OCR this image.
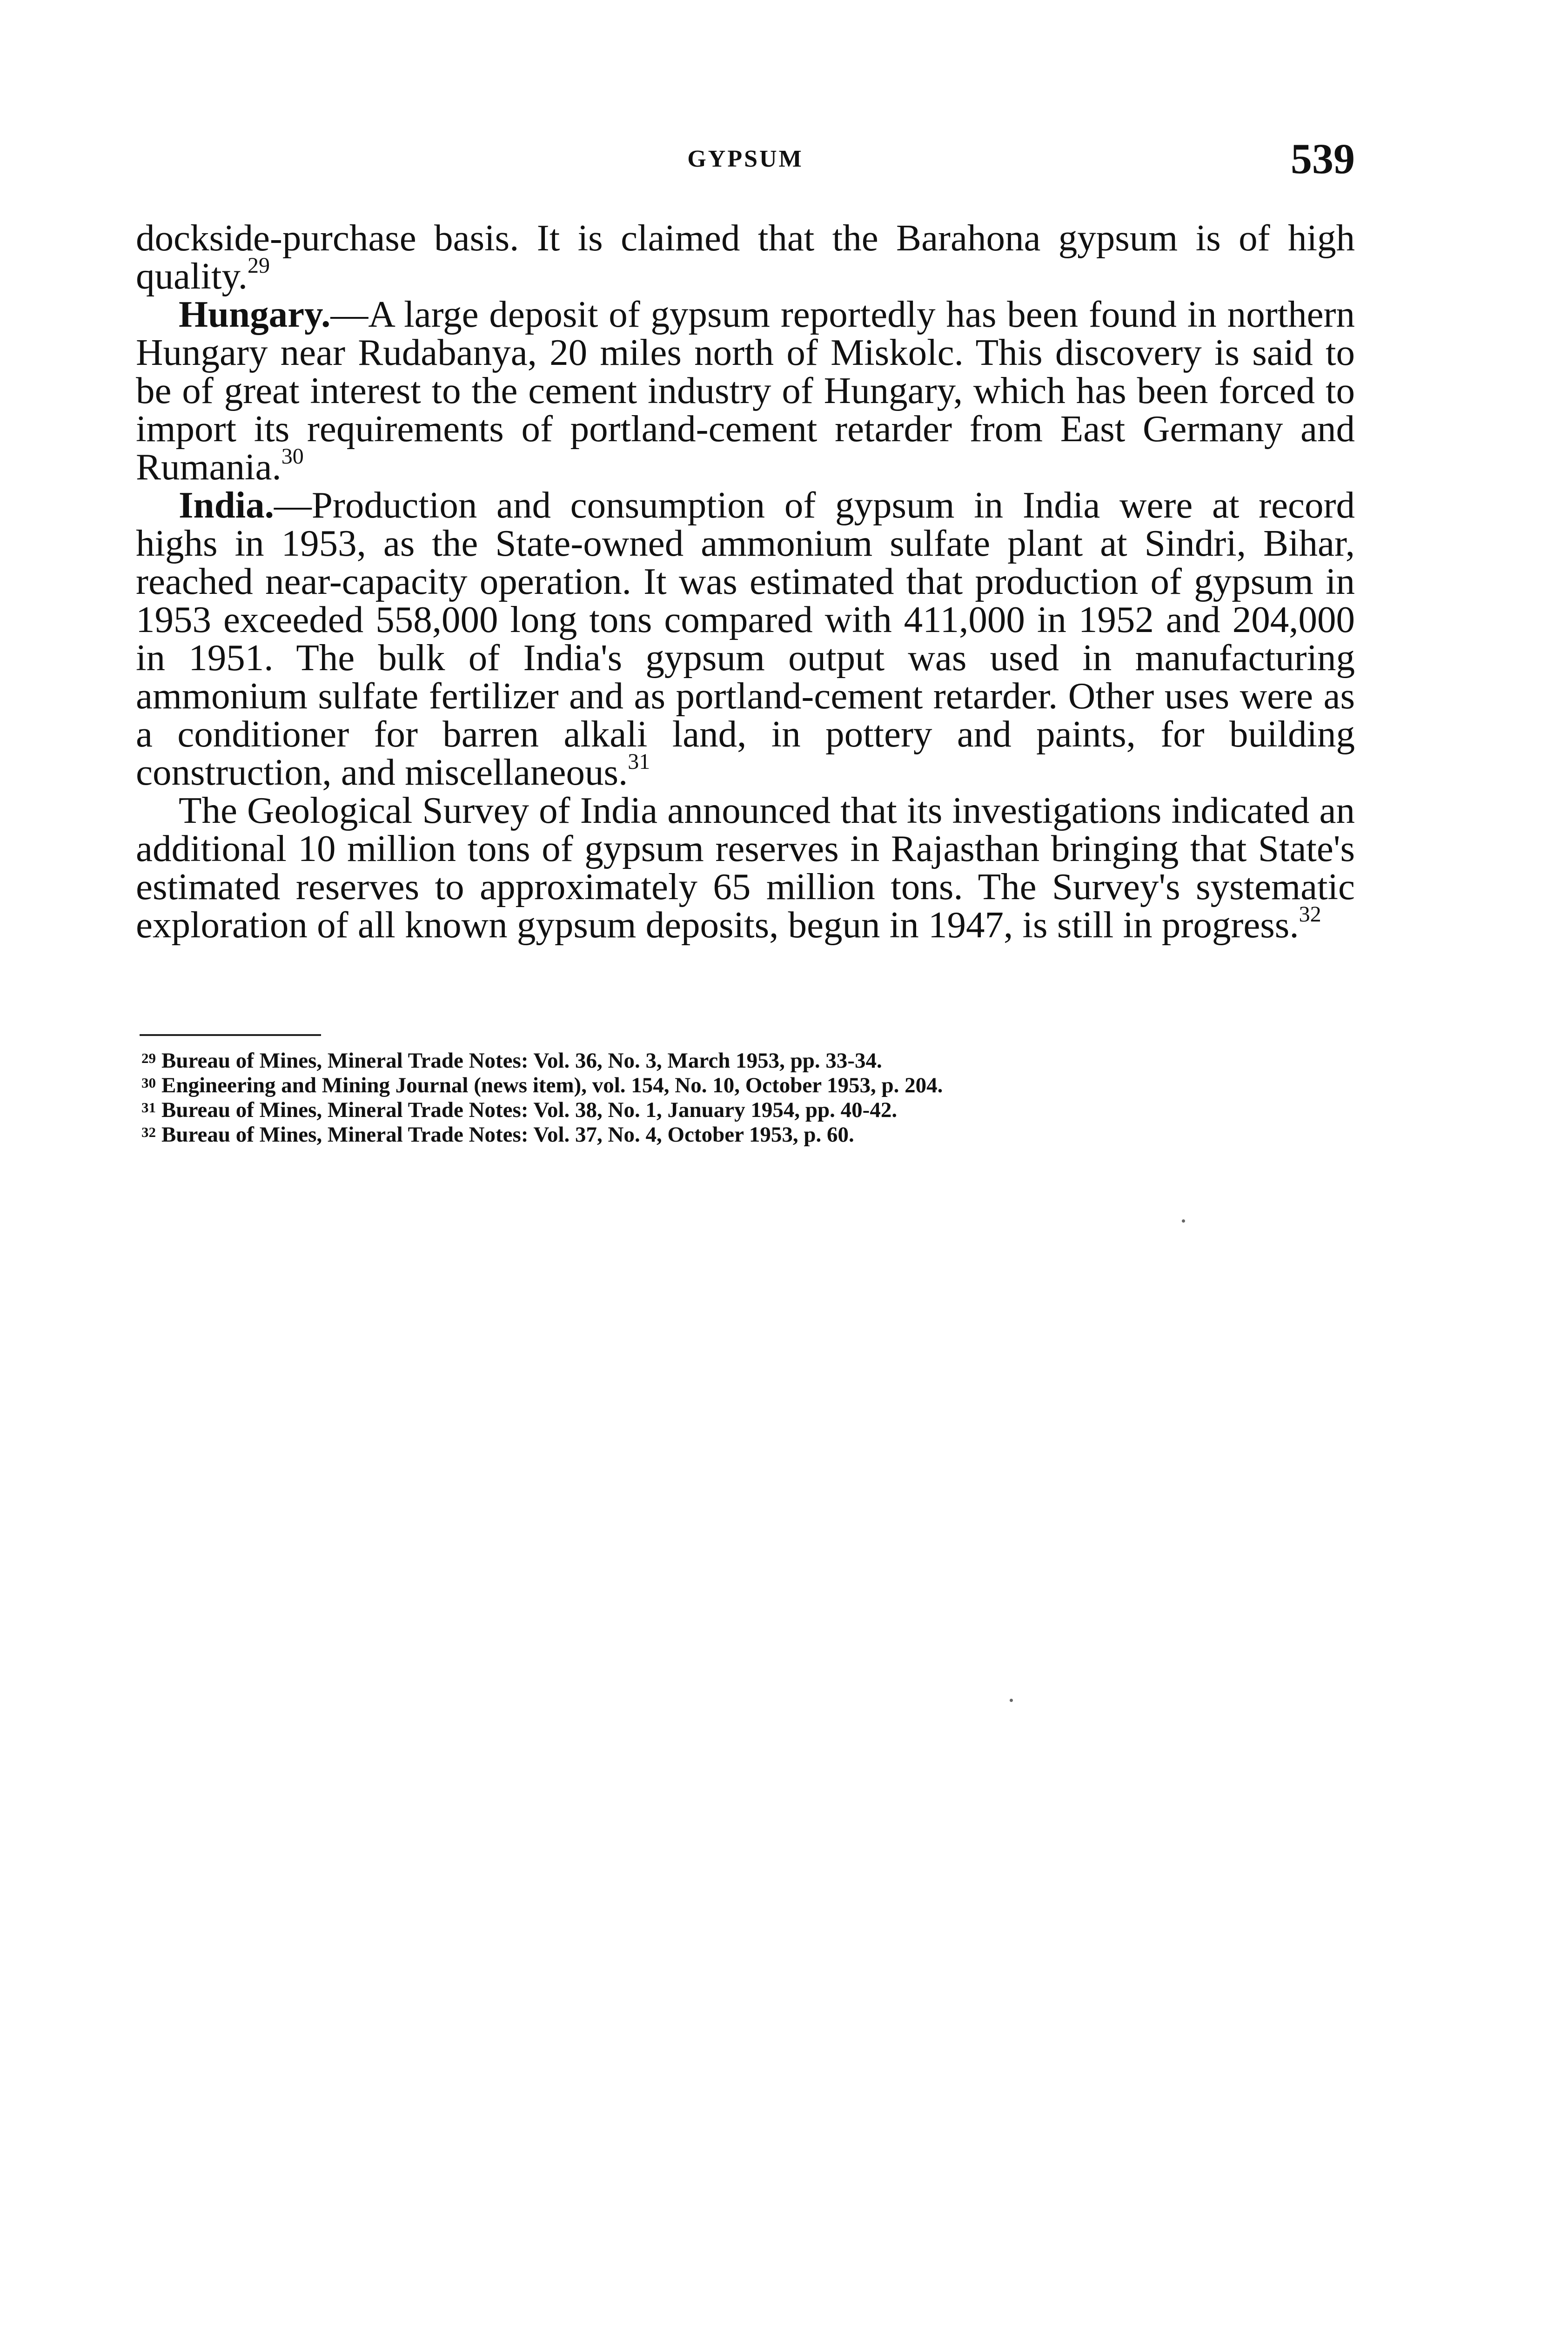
GYPSUM	539

dockside-purchase basis. It is claimed that the Barahona gypsum is of high quality.$^{29}$

Hungary.—A large deposit of gypsum reportedly has been found in northern Hungary near Rudabanya, 20 miles north of Miskolc. This discovery is said to be of great interest to the cement industry of Hungary, which has been forced to import its requirements of portland-cement retarder from East Germany and Rumania.$^{30}$

India.—Production and consumption of gypsum in India were at record highs in 1953, as the State-owned ammonium sulfate plant at Sindri, Bihar, reached near-capacity operation. It was estimated that production of gypsum in 1953 exceeded 558,000 long tons compared with 411,000 in 1952 and 204,000 in 1951. The bulk of India's gypsum output was used in manufacturing ammonium sulfate fertilizer and as portland-cement retarder. Other uses were as a conditioner for barren alkali land, in pottery and paints, for building construction, and miscellaneous.$^{31}$

The Geological Survey of India announced that its investigations indicated an additional 10 million tons of gypsum reserves in Rajasthan bringing that State's estimated reserves to approximately 65 million tons. The Survey's systematic exploration of all known gypsum deposits, begun in 1947, is still in progress.$^{32}$

$^{29}$ Bureau of Mines, Mineral Trade Notes: Vol. 36, No. 3, March 1953, pp. 33-34.
$^{30}$ Engineering and Mining Journal (news item), vol. 154, No. 10, October 1953, p. 204.
$^{31}$ Bureau of Mines, Mineral Trade Notes: Vol. 38, No. 1, January 1954, pp. 40-42.
$^{32}$ Bureau of Mines, Mineral Trade Notes: Vol. 37, No. 4, October 1953, p. 60.
